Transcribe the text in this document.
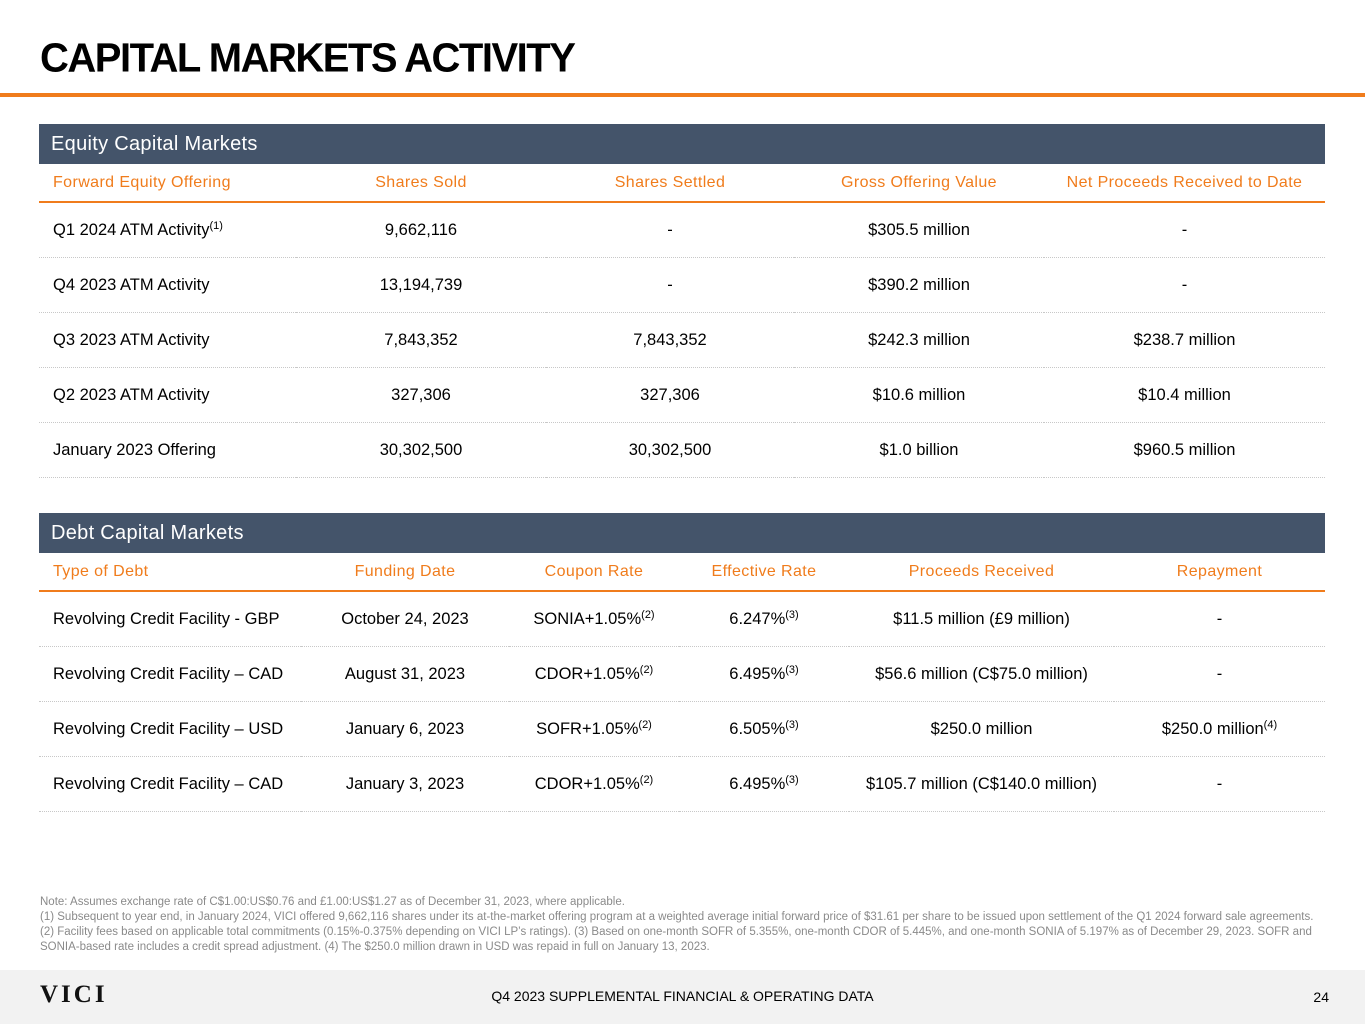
CAPITAL MARKETS ACTIVITY
Equity Capital Markets
Forward Equity Offering	Shares Sold	Shares Settled	Gross Offering Value	Net Proceeds Received to Date
Q1 2024 ATM Activity$^{(1)}$	9,662,116	-	$305.5 million	-
Q4 2023 ATM Activity	13,194,739	-	$390.2 million	-
Q3 2023 ATM Activity	7,843,352	7,843,352	$242.3 million	$238.7 million
Q2 2023 ATM Activity	327,306	327,306	$10.6 million	$10.4 million
January 2023 Offering	30,302,500	30,302,500	$1.0 billion	$960.5 million
Debt Capital Markets
Type of Debt	Funding Date	Coupon Rate	Effective Rate	Proceeds Received	Repayment
Revolving Credit Facility - GBP	October 24, 2023	SONIA+1.05%$^{(2)}$	6.247%$^{(3)}$	$11.5 million (£9 million)	-
Revolving Credit Facility – CAD	August 31, 2023	CDOR+1.05%$^{(2)}$	6.495%$^{(3)}$	$56.6 million (C$75.0 million)	-
Revolving Credit Facility – USD	January 6, 2023	SOFR+1.05%$^{(2)}$	6.505%$^{(3)}$	$250.0 million	$250.0 million$^{(4)}$
Revolving Credit Facility – CAD	January 3, 2023	CDOR+1.05%$^{(2)}$	6.495%$^{(3)}$	$105.7 million (C$140.0 million)	-

Note: Assumes exchange rate of C$1.00:US$0.76 and £1.00:US$1.27 as of December 31, 2023, where applicable.

(1) Subsequent to year end, in January 2024, VICI offered 9,662,116 shares under its at-the-market offering program at a weighted average initial forward price of $31.61 per share to be issued upon settlement of the Q1 2024 forward sale agreements. (2) Facility fees based on applicable total commitments (0.15%-0.375% depending on VICI LP’s ratings). (3) Based on one-month SOFR of 5.355%, one-month CDOR of 5.445%, and one-month SONIA of 5.197% as of December 29, 2023. SOFR and SONIA-based rate includes a credit spread adjustment. (4) The $250.0 million drawn in USD was repaid in full on January 13, 2023.

VICI	Q4 2023 SUPPLEMENTAL FINANCIAL & OPERATING DATA	24
